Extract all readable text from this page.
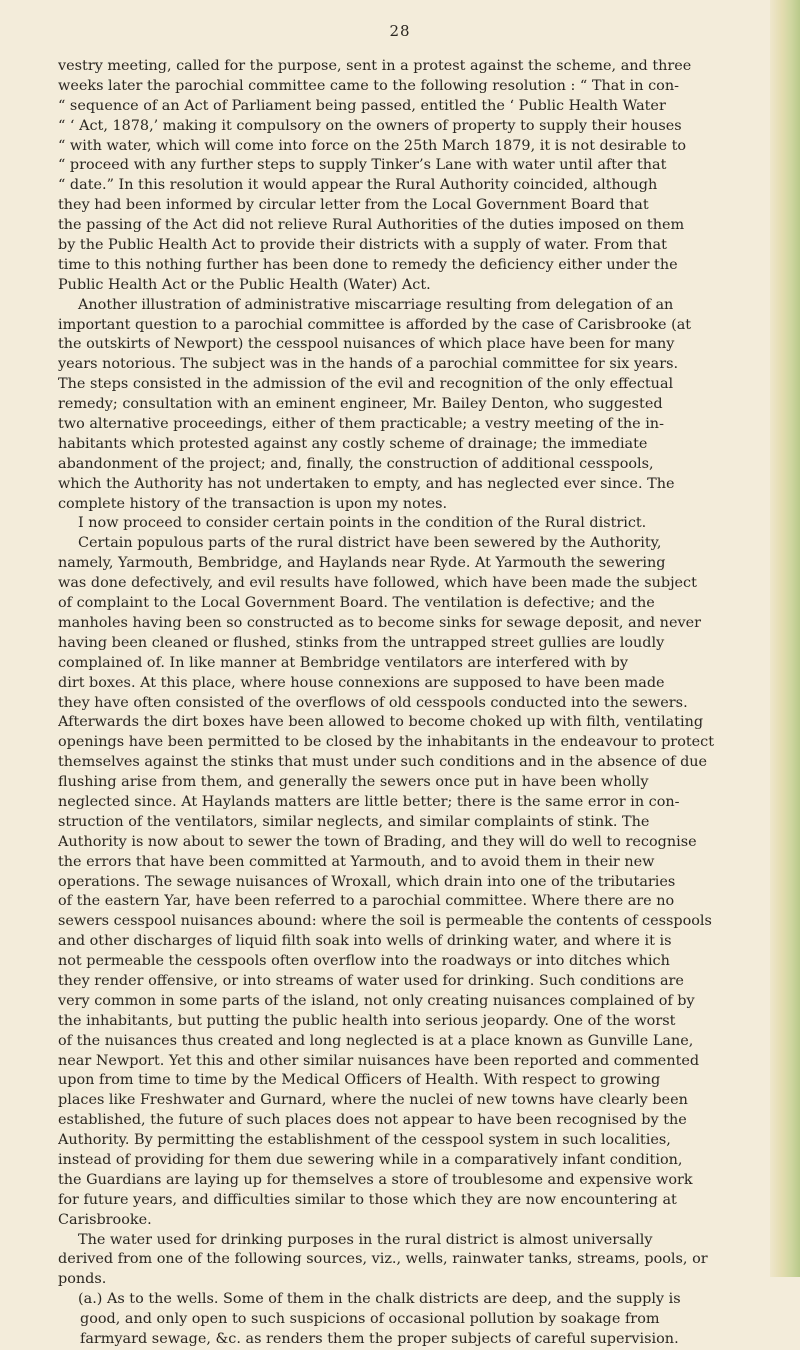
28
vestry meeting, called for the purpose, sent in a protest against the scheme, and three
weeks later the parochial committee came to the following resolution : “ That in con-
“ sequence of an Act of Parliament being passed, entitled the ‘ Public Health Water
“ ‘ Act, 1878,’ making it compulsory on the owners of property to supply their houses
“ with water, which will come into force on the 25th March 1879, it is not desirable to
“ proceed with any further steps to supply Tinker’s Lane with water until after that
“ date.” In this resolution it would appear the Rural Authority coincided, although
they had been informed by circular letter from the Local Government Board that
the passing of the Act did not relieve Rural Authorities of the duties imposed on them
by the Public Health Act to provide their districts with a supply of water. From that
time to this nothing further has been done to remedy the deficiency either under the
Public Health Act or the Public Health (Water) Act.
Another illustration of administrative miscarriage resulting from delegation of an
important question to a parochial committee is afforded by the case of Carisbrooke (at
the outskirts of Newport) the cesspool nuisances of which place have been for many
years notorious. The subject was in the hands of a parochial committee for six years.
The steps consisted in the admission of the evil and recognition of the only effectual
remedy; consultation with an eminent engineer, Mr. Bailey Denton, who suggested
two alternative proceedings, either of them practicable; a vestry meeting of the in-
habitants which protested against any costly scheme of drainage; the immediate
abandonment of the project; and, finally, the construction of additional cesspools,
which the Authority has not undertaken to empty, and has neglected ever since. The
complete history of the transaction is upon my notes.
I now proceed to consider certain points in the condition of the Rural district.
Certain populous parts of the rural district have been sewered by the Authority,
namely, Yarmouth, Bembridge, and Haylands near Ryde. At Yarmouth the sewering
was done defectively, and evil results have followed, which have been made the subject
of complaint to the Local Government Board. The ventilation is defective; and the
manholes having been so constructed as to become sinks for sewage deposit, and never
having been cleaned or flushed, stinks from the untrapped street gullies are loudly
complained of. In like manner at Bembridge ventilators are interfered with by
dirt boxes. At this place, where house connexions are supposed to have been made
they have often consisted of the overflows of old cesspools conducted into the sewers.
Afterwards the dirt boxes have been allowed to become choked up with filth, ventilating
openings have been permitted to be closed by the inhabitants in the endeavour to protect
themselves against the stinks that must under such conditions and in the absence of due
flushing arise from them, and generally the sewers once put in have been wholly
neglected since. At Haylands matters are little better; there is the same error in con-
struction of the ventilators, similar neglects, and similar complaints of stink. The
Authority is now about to sewer the town of Brading, and they will do well to recognise
the errors that have been committed at Yarmouth, and to avoid them in their new
operations. The sewage nuisances of Wroxall, which drain into one of the tributaries
of the eastern Yar, have been referred to a parochial committee. Where there are no
sewers cesspool nuisances abound: where the soil is permeable the contents of cesspools
and other discharges of liquid filth soak into wells of drinking water, and where it is
not permeable the cesspools often overflow into the roadways or into ditches which
they render offensive, or into streams of water used for drinking. Such conditions are
very common in some parts of the island, not only creating nuisances complained of by
the inhabitants, but putting the public health into serious jeopardy. One of the worst
of the nuisances thus created and long neglected is at a place known as Gunville Lane,
near Newport. Yet this and other similar nuisances have been reported and commented
upon from time to time by the Medical Officers of Health. With respect to growing
places like Freshwater and Gurnard, where the nuclei of new towns have clearly been
established, the future of such places does not appear to have been recognised by the
Authority. By permitting the establishment of the cesspool system in such localities,
instead of providing for them due sewering while in a comparatively infant condition,
the Guardians are laying up for themselves a store of troublesome and expensive work
for future years, and difficulties similar to those which they are now encountering at
Carisbrooke.
The water used for drinking purposes in the rural district is almost universally
derived from one of the following sources, viz., wells, rainwater tanks, streams, pools, or
ponds.
(a.) As to the wells. Some of them in the chalk districts are deep, and the supply is
good, and only open to such suspicions of occasional pollution by soakage from
farmyard sewage, &c. as renders them the proper subjects of careful supervision.
